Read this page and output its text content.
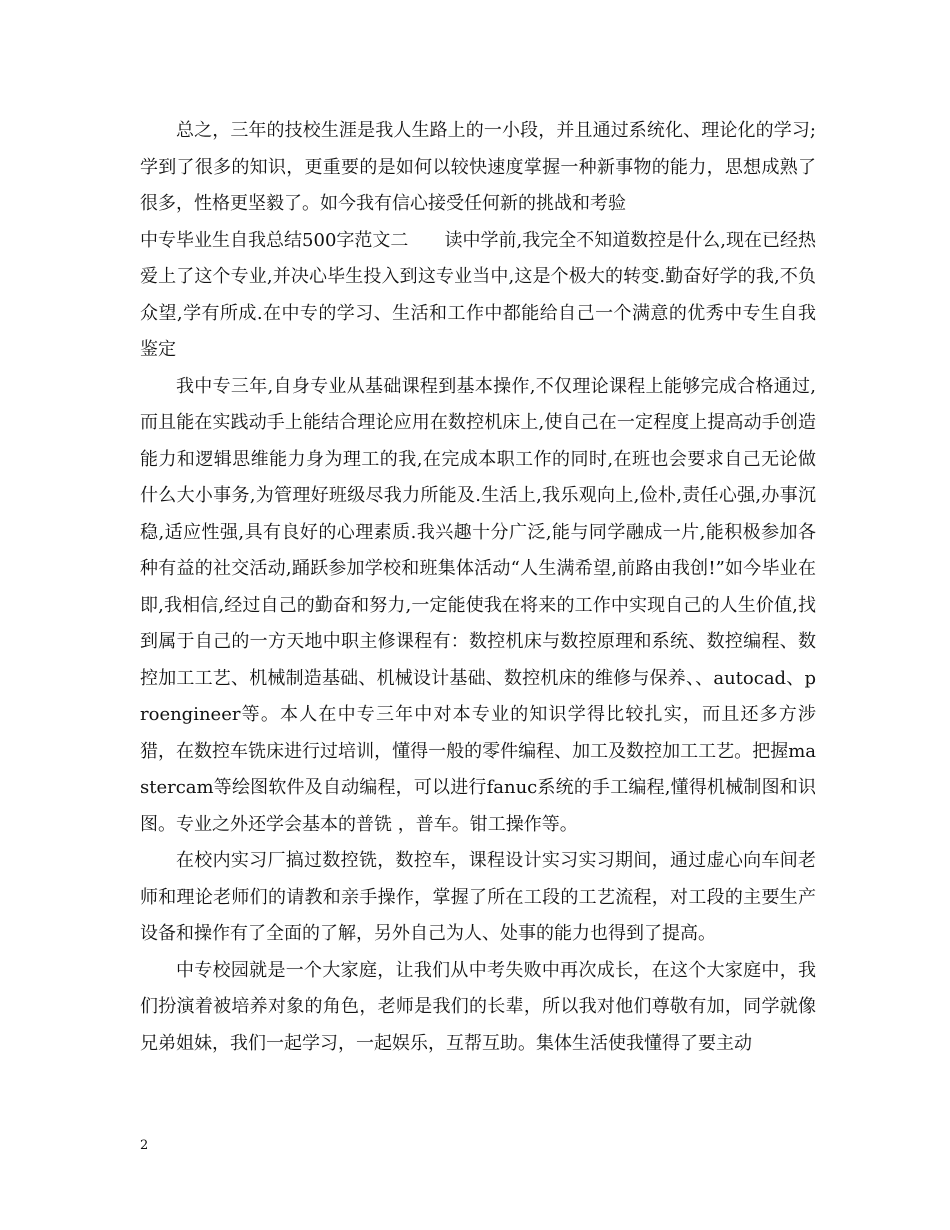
总之，三年的技校生涯是我人生路上的一小段，并且通过系统化、理论化的学习;学到了很多的知识，更重要的是如何以较快速度掌握一种新事物的能力，思想成熟了很多，性格更坚毅了。如今我有信心接受任何新的挑战和考验

中专毕业生自我总结500字范文二　　读中学前,我完全不知道数控是什么,现在已经热爱上了这个专业,并决心毕生投入到这专业当中,这是个极大的转变.勤奋好学的我,不负众望,学有所成.在中专的学习、生活和工作中都能给自己一个满意的优秀中专生自我鉴定

我中专三年,自身专业从基础课程到基本操作,不仅理论课程上能够完成合格通过,而且能在实践动手上能结合理论应用在数控机床上,使自己在一定程度上提高动手创造能力和逻辑思维能力身为理工的我,在完成本职工作的同时,在班也会要求自己无论做什么大小事务,为管理好班级尽我力所能及.生活上,我乐观向上,俭朴,责任心强,办事沉稳,适应性强,具有良好的心理素质.我兴趣十分广泛,能与同学融成一片,能积极参加各种有益的社交活动,踊跃参加学校和班集体活动“人生满希望,前路由我创!”如今毕业在即,我相信,经过自己的勤奋和努力,一定能使我在将来的工作中实现自己的人生价值,找到属于自己的一方天地中职主修课程有：数控机床与数控原理和系统、数控编程、数控加工工艺、机械制造基础、机械设计基础、数控机床的维修与保养、、autocad、proengineer等。本人在中专三年中对本专业的知识学得比较扎实，而且还多方涉猎，在数控车铣床进行过培训，懂得一般的零件编程、加工及数控加工工艺。把握mastercam等绘图软件及自动编程，可以进行fanuc系统的手工编程,懂得机械制图和识图。专业之外还学会基本的普铣 ，普车。钳工操作等。

在校内实习厂搞过数控铣，数控车，课程设计实习实习期间，通过虚心向车间老师和理论老师们的请教和亲手操作，掌握了所在工段的工艺流程，对工段的主要生产设备和操作有了全面的了解，另外自己为人、处事的能力也得到了提高。

中专校园就是一个大家庭，让我们从中考失败中再次成长，在这个大家庭中，我们扮演着被培养对象的角色，老师是我们的长辈，所以我对他们尊敬有加，同学就像兄弟姐妹，我们一起学习，一起娱乐，互帮互助。集体生活使我懂得了要主动

2
